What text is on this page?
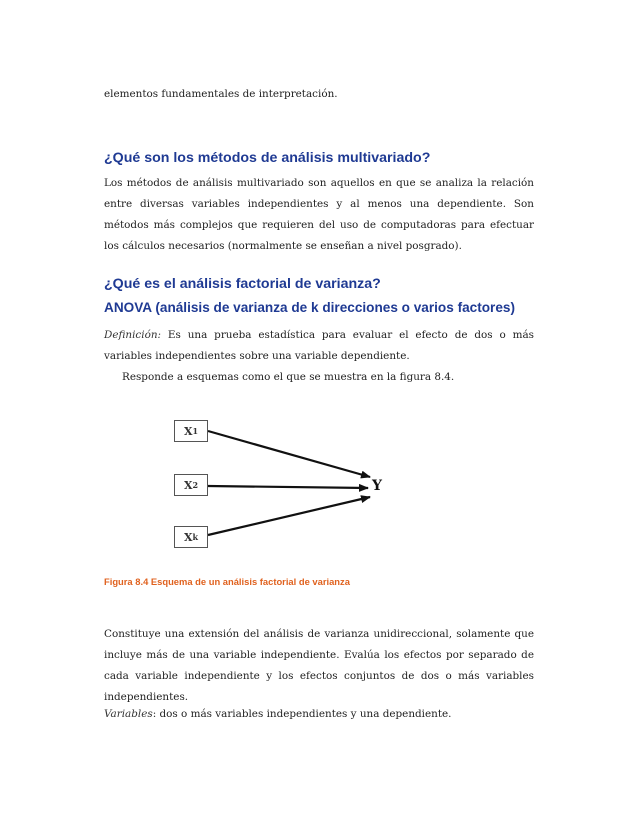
elementos fundamentales de interpretación.
¿Qué son los métodos de análisis multivariado?
Los métodos de análisis multivariado son aquellos en que se analiza la relación entre diversas variables independientes y al menos una dependiente. Son métodos más complejos que requieren del uso de computadoras para efectuar los cálculos necesarios (normalmente se enseñan a nivel posgrado).
¿Qué es el análisis factorial de varianza?
ANOVA (análisis de varianza de k direcciones o varios factores)
Definición: Es una prueba estadística para evaluar el efecto de dos o más variables independientes sobre una variable dependiente.
Responde a esquemas como el que se muestra en la figura 8.4.
X 1
X 2
X k
Y
Figura 8.4 Esquema de un análisis factorial de varianza
Constituye una extensión del análisis de varianza unidireccional, solamente que incluye más de una variable independiente. Evalúa los efectos por separado de cada variable independiente y los efectos conjuntos de dos o más variables independientes.
Variables: dos o más variables independientes y una dependiente.
